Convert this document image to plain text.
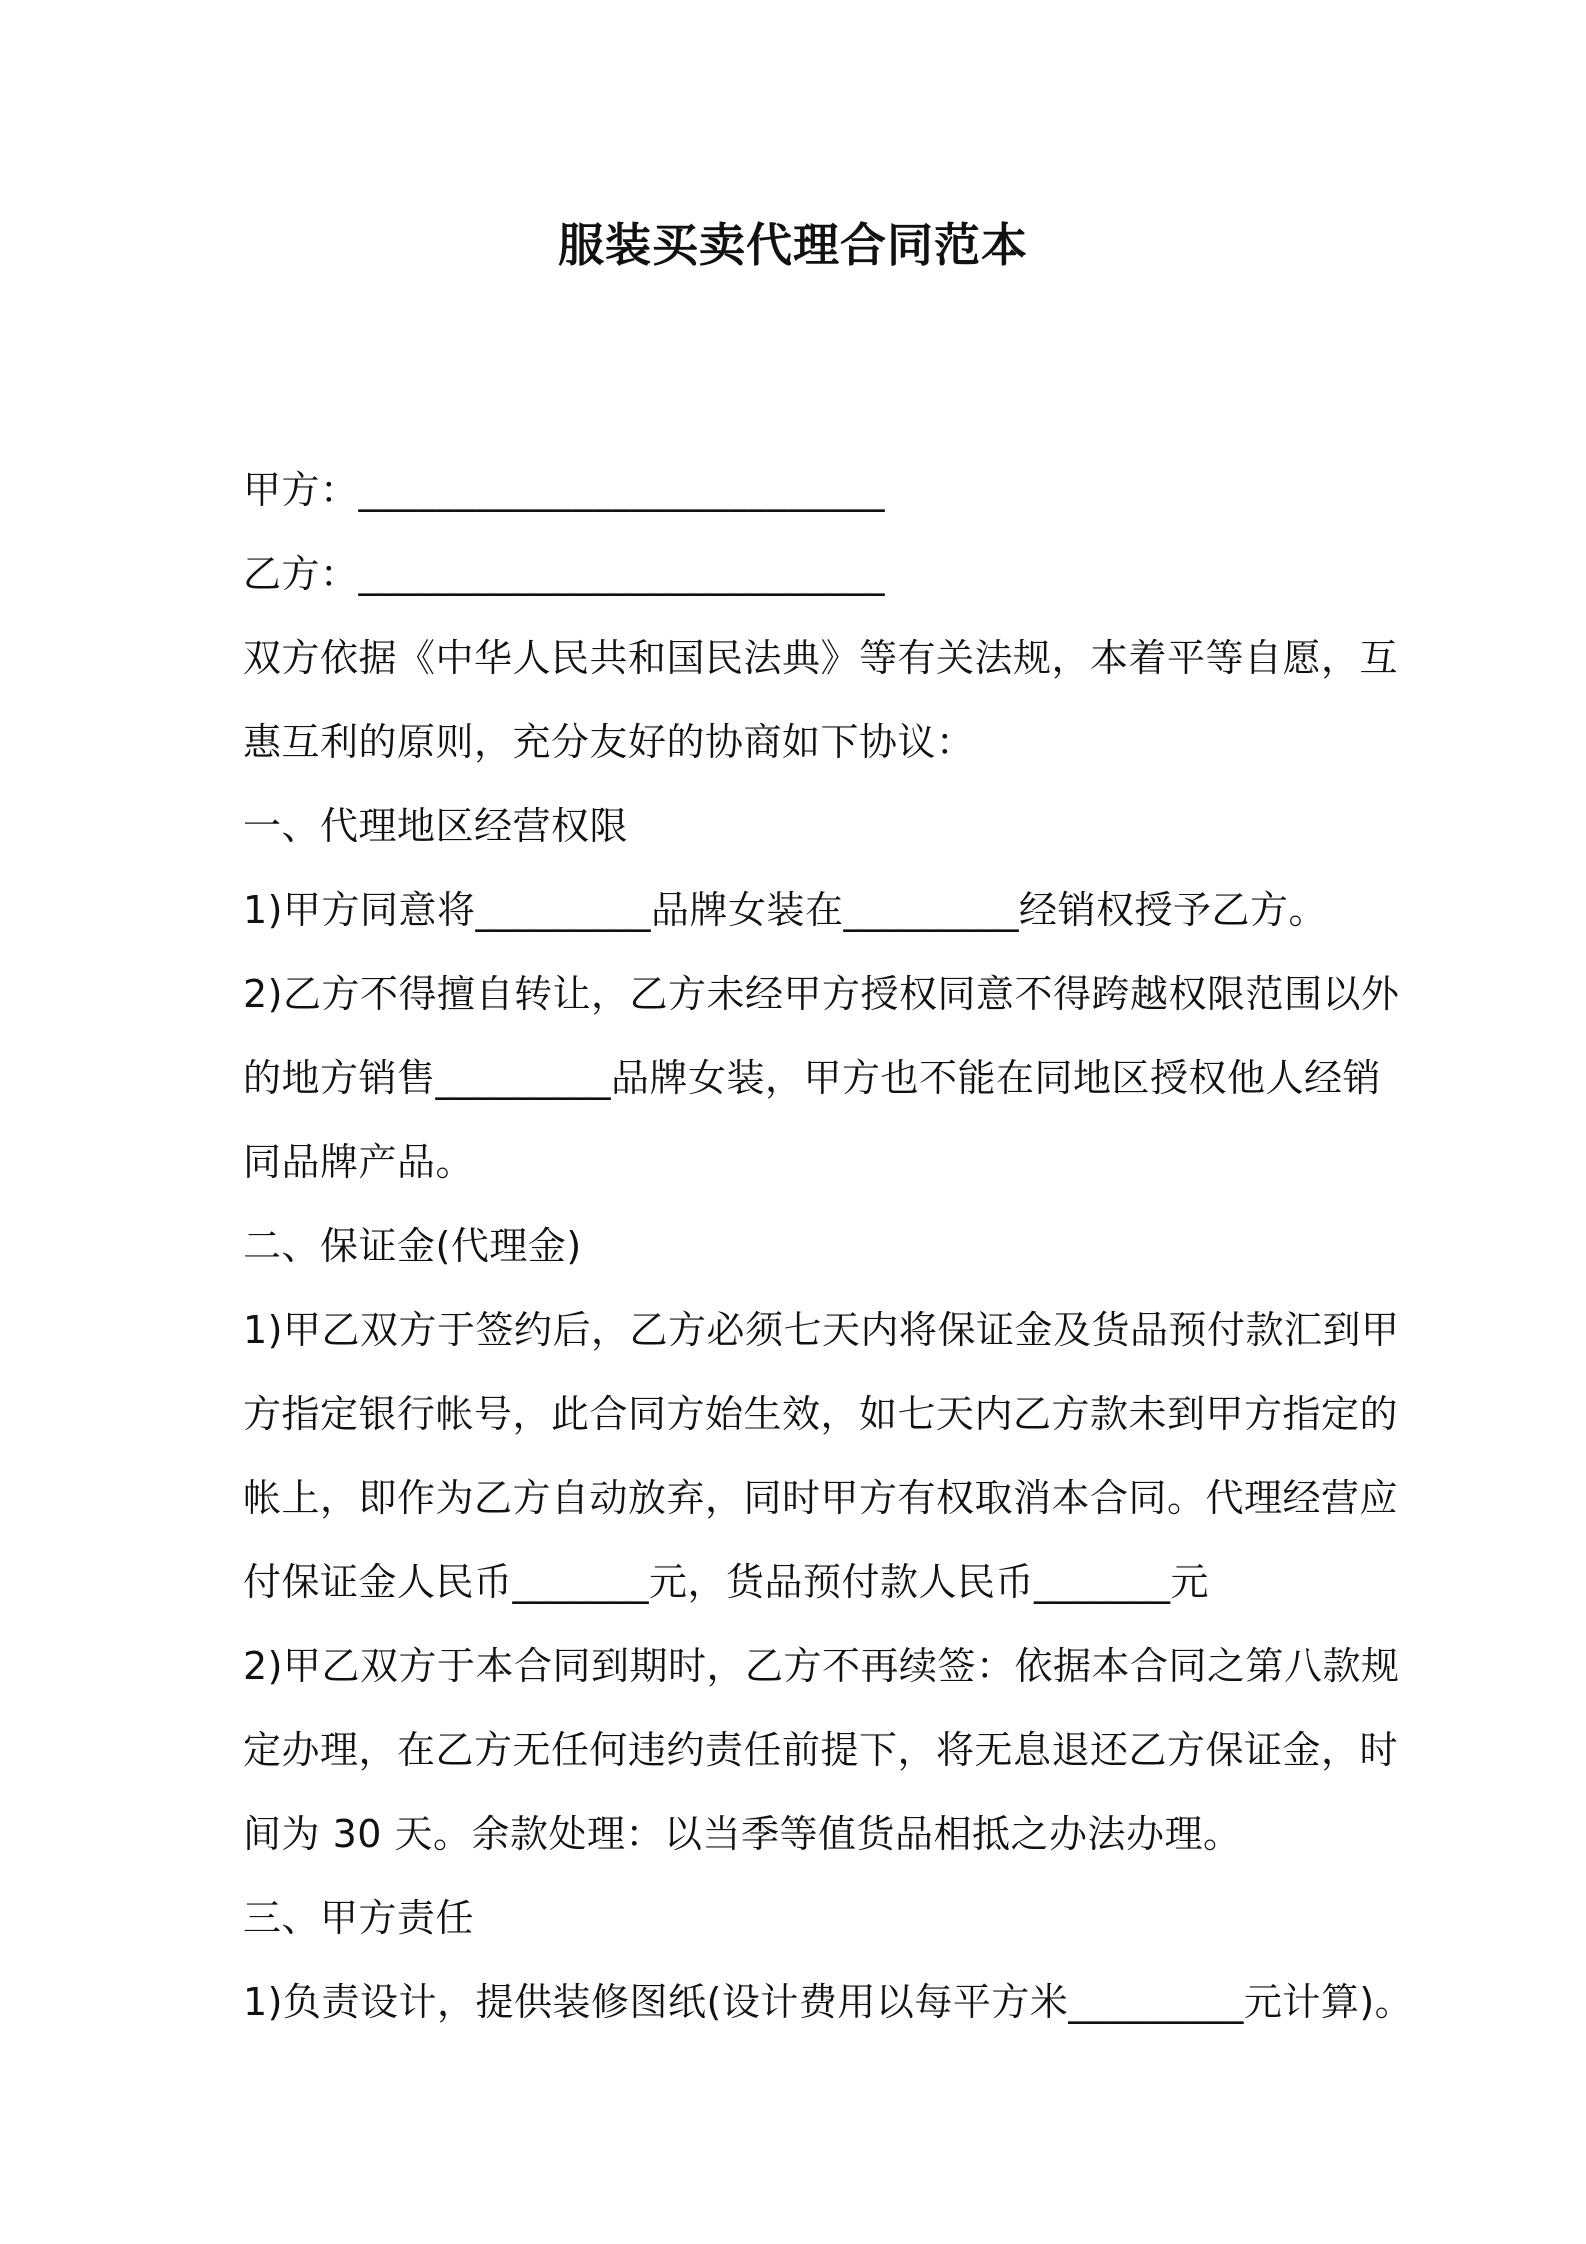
服装买卖代理合同范本
甲方：___________________________
乙方：___________________________
双方依据《中华人民共和国民法典》等有关法规，本着平等自愿，互
惠互利的原则，充分友好的协商如下协议：
一、代理地区经营权限
1)甲方同意将_________品牌女装在_________经销权授予乙方。
2)乙方不得擅自转让，乙方未经甲方授权同意不得跨越权限范围以外
的地方销售_________品牌女装，甲方也不能在同地区授权他人经销
同品牌产品。
二、保证金(代理金)
1)甲乙双方于签约后，乙方必须七天内将保证金及货品预付款汇到甲
方指定银行帐号，此合同方始生效，如七天内乙方款未到甲方指定的
帐上，即作为乙方自动放弃，同时甲方有权取消本合同。代理经营应
付保证金人民币_______元，货品预付款人民币_______元
2)甲乙双方于本合同到期时，乙方不再续签：依据本合同之第八款规
定办理，在乙方无任何违约责任前提下，将无息退还乙方保证金，时
间为 30 天。余款处理：以当季等值货品相抵之办法办理。
三、甲方责任
1)负责设计，提供装修图纸(设计费用以每平方米_________元计算)。
